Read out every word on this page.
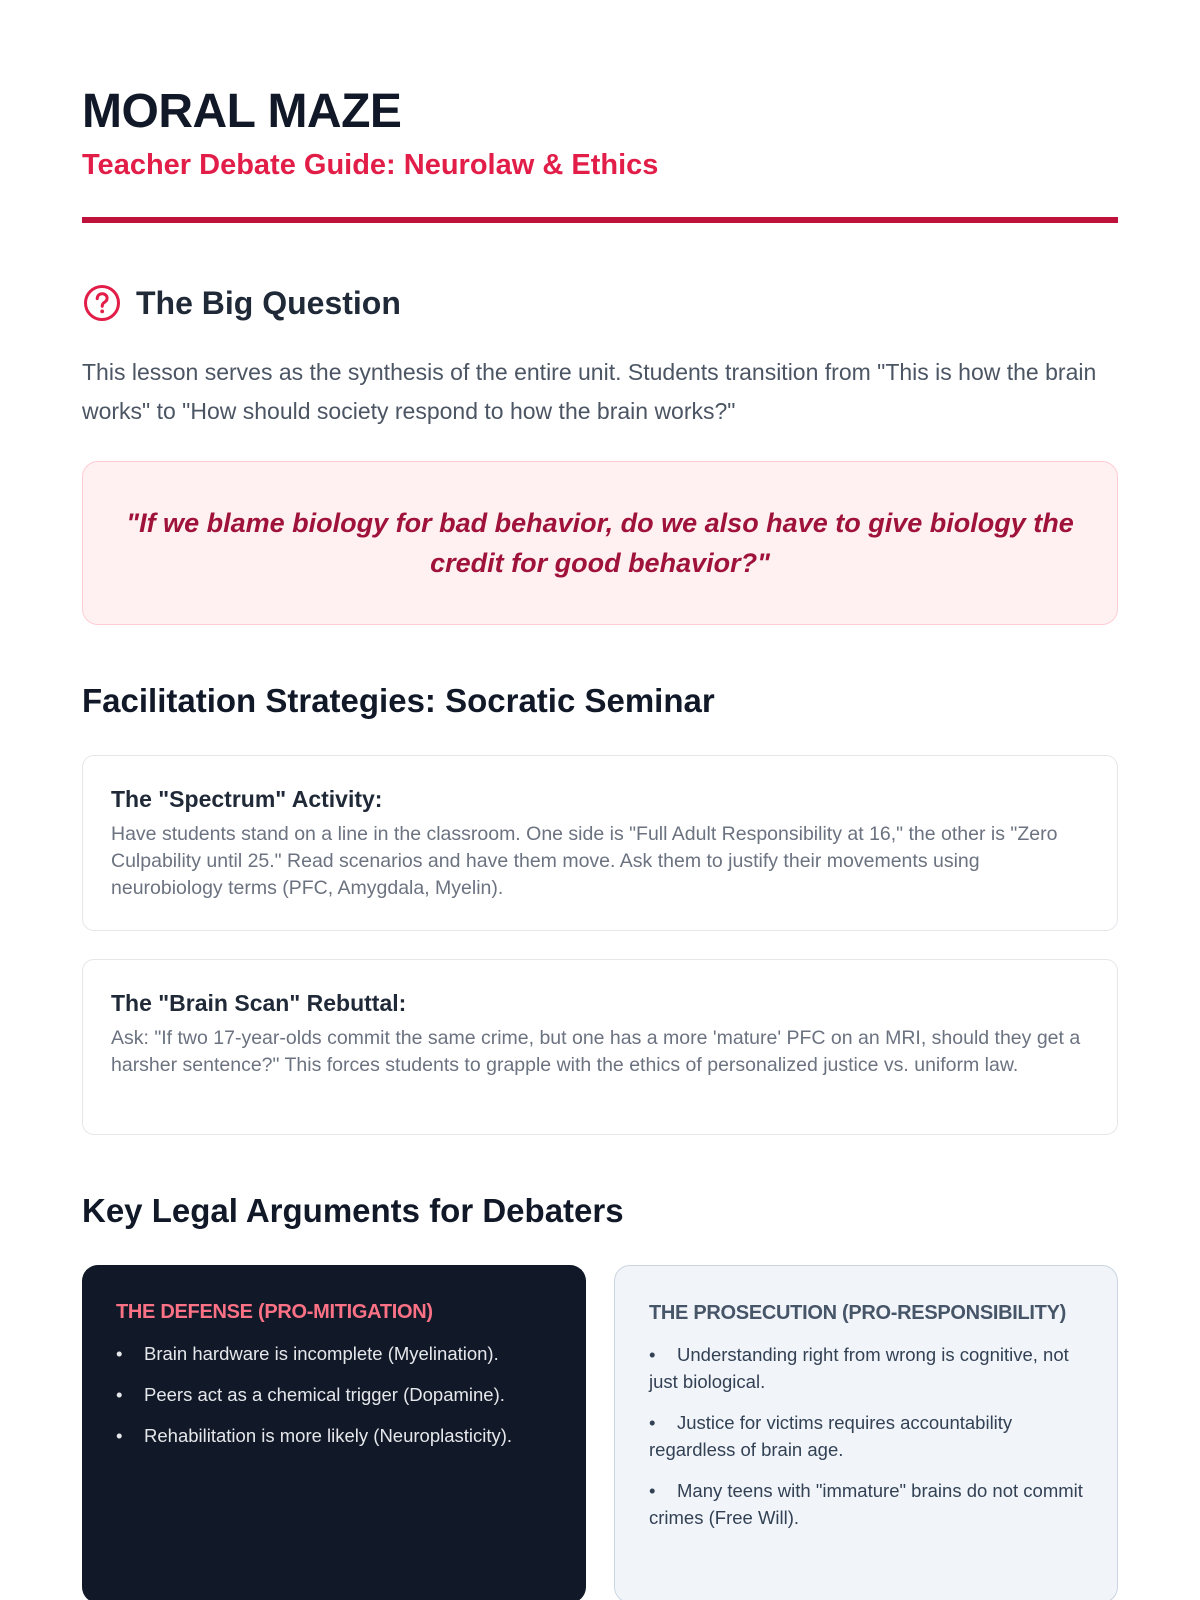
MORAL MAZE
Teacher Debate Guide: Neurolaw & Ethics
The Big Question

This lesson serves as the synthesis of the entire unit. Students transition from "This is how the brain works" to "How should society respond to how the brain works?"

"If we blame biology for bad behavior, do we also have to give biology the credit for good behavior?"

Facilitation Strategies: Socratic Seminar
The "Spectrum" Activity:

Have students stand on a line in the classroom. One side is "Full Adult Responsibility at 16," the other is "Zero Culpability until 25." Read scenarios and have them move. Ask them to justify their movements using neurobiology terms (PFC, Amygdala, Myelin).

The "Brain Scan" Rebuttal:

Ask: "If two 17-year-olds commit the same crime, but one has a more 'mature' PFC on an MRI, should they get a harsher sentence?" This forces students to grapple with the ethics of personalized justice vs. uniform law.

Key Legal Arguments for Debaters
THE DEFENSE (PRO-MITIGATION)
• Brain hardware is incomplete (Myelination).
• Peers act as a chemical trigger (Dopamine).
• Rehabilitation is more likely (Neuroplasticity).
THE PROSECUTION (PRO-RESPONSIBILITY)
• Understanding right from wrong is cognitive, not just biological.
• Justice for victims requires accountability regardless of brain age.
• Many teens with "immature" brains do not commit crimes (Free Will).
